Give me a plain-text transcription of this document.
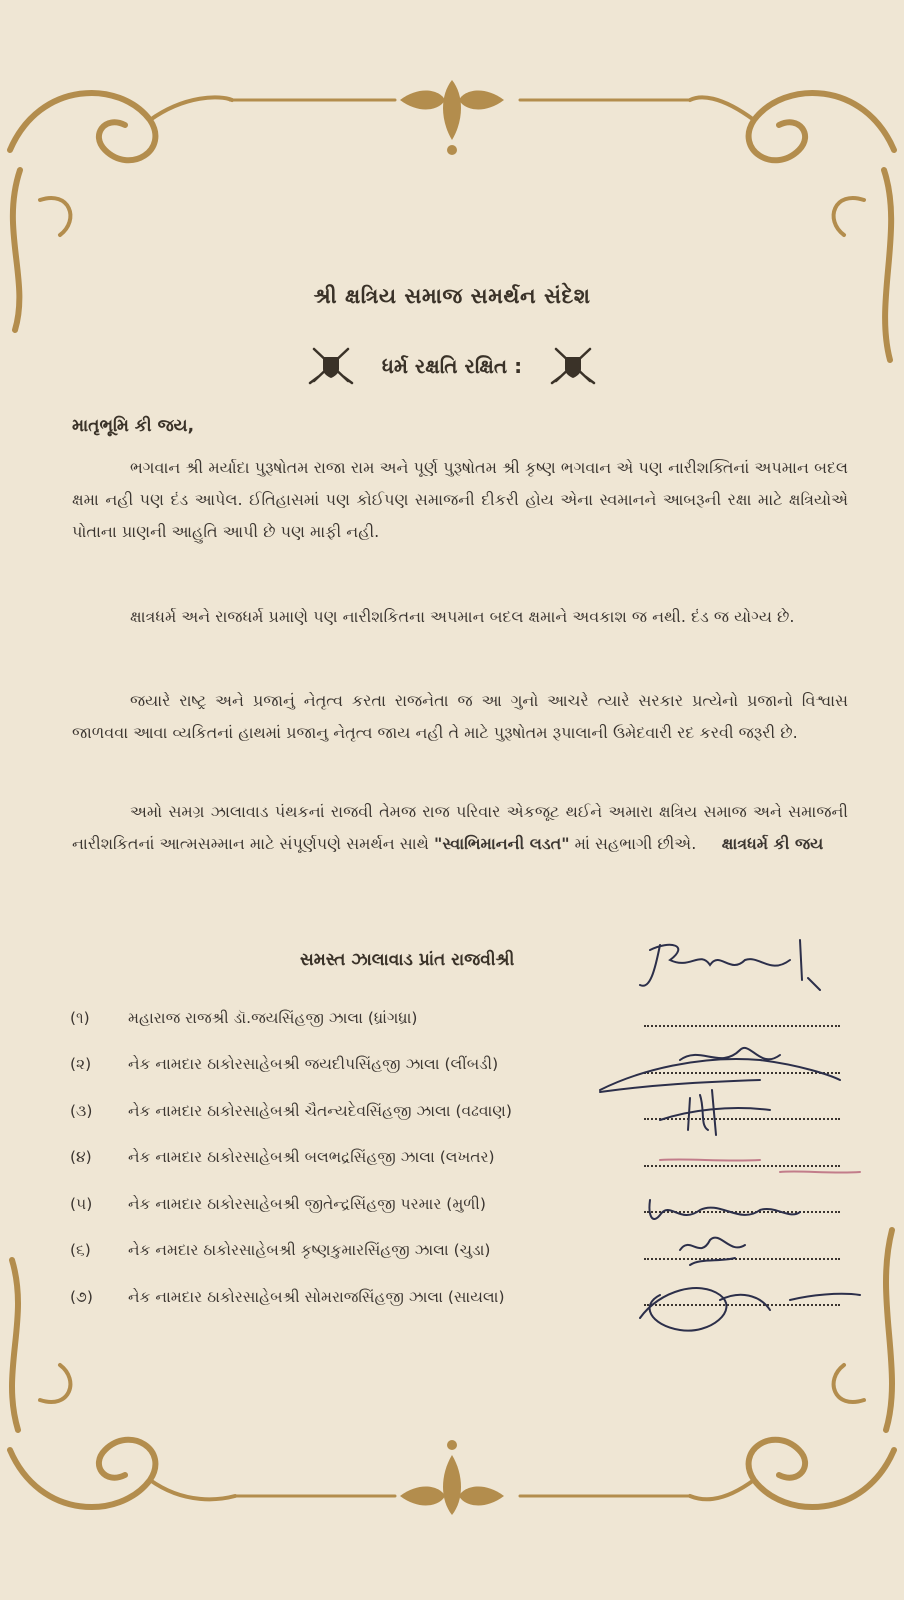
શ્રી ક્ષત્રિય સમાજ સમર્થન સંદેશ
ધર્મ રક્ષતિ રક્ષિત :
માતૃભૂમિ કી જય,

ભગવાન શ્રી મર્યાદા પુરૂષોતમ રાજા રામ અને પૂર્ણ પુરૂષોતમ શ્રી કૃષ્ણ ભગવાન એ પણ નારીશક્તિનાં અપમાન બદલ ક્ષમા નહી પણ દંડ આપેલ. ઈતિહાસમાં પણ કોઈપણ સમાજની દીકરી હોય એના સ્વમાનને આબરૂની રક્ષા માટે ક્ષત્રિયોએ પોતાના પ્રાણની આહુતિ આપી છે પણ માફી નહી.

ક્ષાત્રધર્મ અને રાજધર્મ પ્રમાણે પણ નારીશકિતના અપમાન બદલ ક્ષમાને અવકાશ જ નથી. દંડ જ યોગ્ય છે.

જયારે રાષ્ટ્ર અને પ્રજાનું નેતૃત્વ કરતા રાજનેતા જ આ ગુનો આચરે ત્યારે સરકાર પ્રત્યેનો પ્રજાનો વિશ્વાસ જાળવવા આવા વ્યકિતનાં હાથમાં પ્રજાનુ નેતૃત્વ જાય નહી તે માટે પુરૂષોતમ રૂપાલાની ઉમેદવારી રદ કરવી જરૂરી છે.

અમો સમગ્ર ઝાલાવાડ પંથકનાં રાજવી તેમજ રાજ પરિવાર એકજૂટ થઈને અમારા ક્ષત્રિય સમાજ અને સમાજની નારીશકિતનાં આત્મસમ્માન માટે સંપૂર્ણપણે સમર્થન સાથે "સ્વાભિમાનની લડત" માં સહભાગી છીએ. ક્ષાત્રધર્મ કી જય

સમસ્ત ઝાલાવાડ પ્રાંત રાજવીશ્રી
(૧)	મહારાજ રાજશ્રી ડૉ.જયસિંહજી ઝાલા (ધ્રાંગધ્રા)
(૨)	નેક નામદાર ઠાકોરસાહેબશ્રી જયદીપસિંહજી ઝાલા (લીંબડી)
(૩)	નેક નામદાર ઠાકોરસાહેબશ્રી ચૈતન્યદેવસિંહજી ઝાલા (વઢવાણ)
(૪)	નેક નામદાર ઠાકોરસાહેબશ્રી બલભદ્રસિંહજી ઝાલા (લખતર)
(૫)	નેક નામદાર ઠાકોરસાહેબશ્રી જીતેન્દ્રસિંહજી પરમાર (મુળી)
(૬)	નેક નમદાર ઠાકોરસાહેબશ્રી કૃષ્ણકુમારસિંહજી ઝાલા (ચુડા)
(૭)	નેક નામદાર ઠાકોરસાહેબશ્રી સોમરાજસિંહજી ઝાલા (સાયલા)
